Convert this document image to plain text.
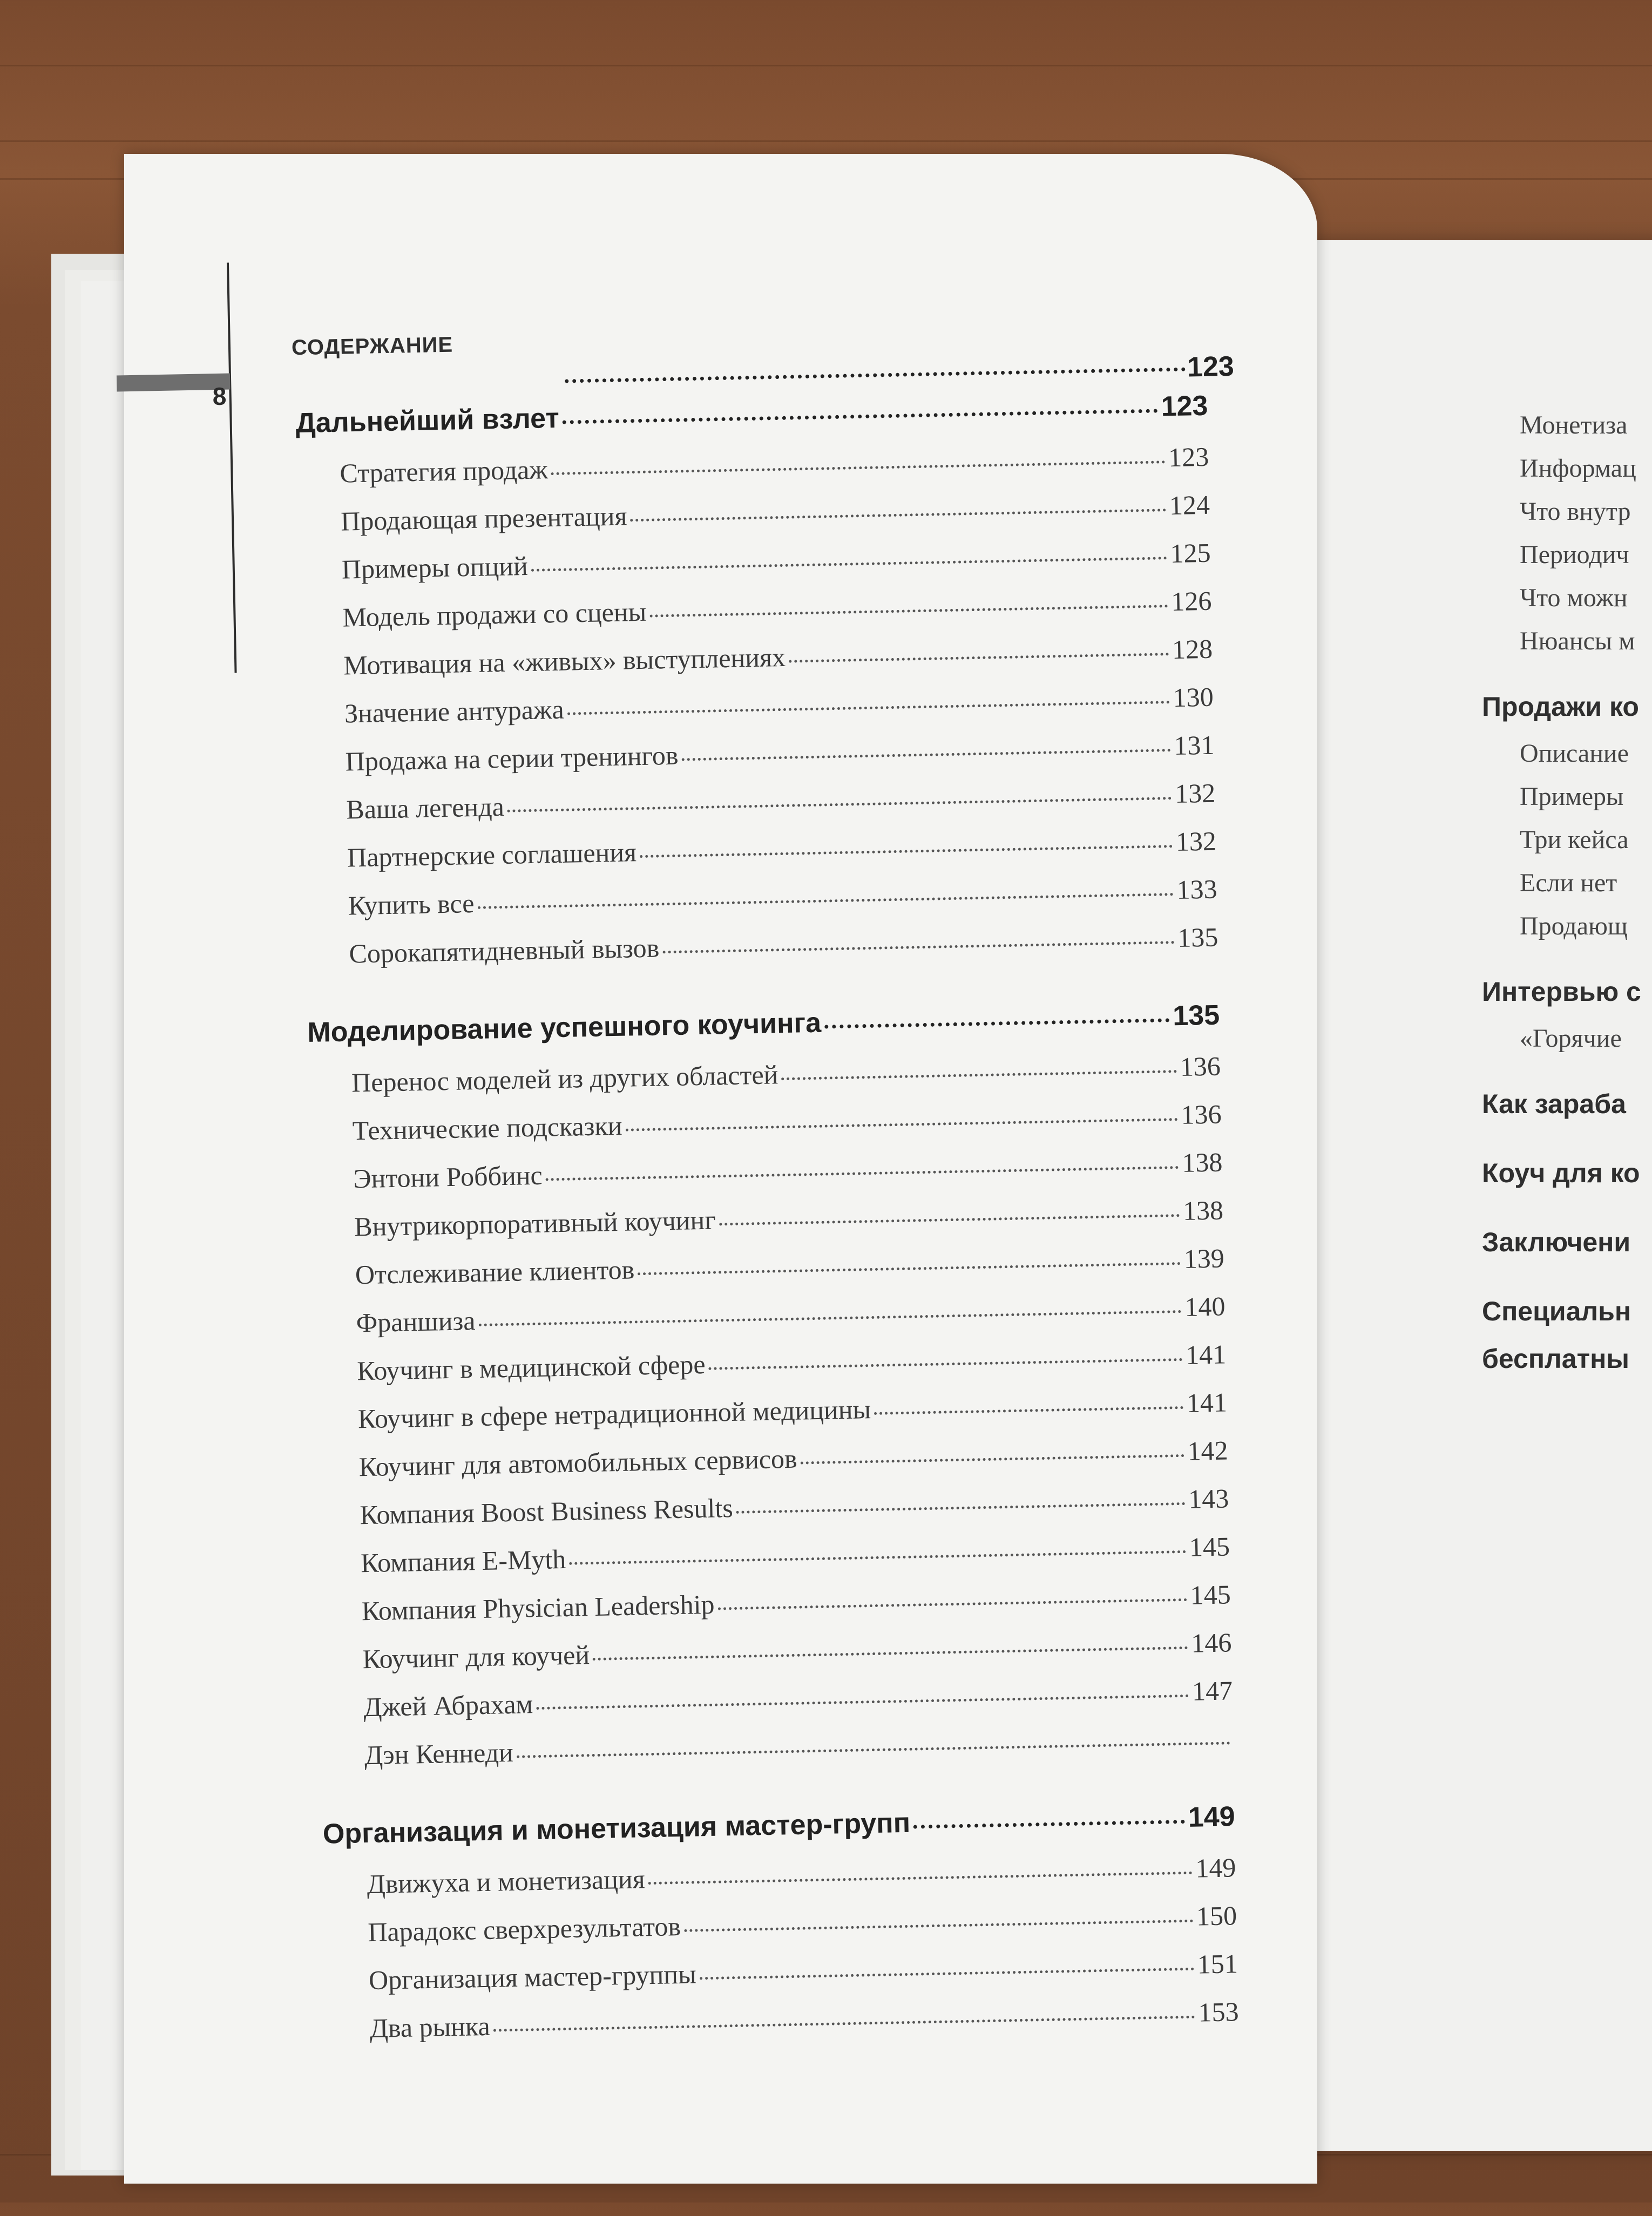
Монетиза
Информац
Что внутр
Периодич
Что можн
Нюансы м
Продажи ко
Описание
Примеры
Три кейса
Если нет
Продающ
Интервью с
«Горячие
Как зараба
Коуч для ко
Заключени
Специальн
бесплатны
8
СОДЕРЖАНИЕ
123
Дальнейший взлет	123
Стратегия продаж	123
Продающая презентация	124
Примеры опций	125
Модель продажи со сцены	126
Мотивация на «живых» выступлениях	128
Значение антуража	130
Продажа на серии тренингов	131
Ваша легенда	132
Партнерские соглашения	132
Купить все	133
Сорокапятидневный вызов	135
Моделирование успешного коучинга	135
Перенос моделей из других областей	136
Технические подсказки	136
Энтони Роббинс	138
Внутрикорпоративный коучинг	138
Отслеживание клиентов	139
Франшиза	140
Коучинг в медицинской сфере	141
Коучинг в сфере нетрадиционной медицины	141
Коучинг для автомобильных сервисов	142
Компания Boost Business Results	143
Компания E-Myth	145
Компания Physician Leadership	145
Коучинг для коучей	146
Джей Абрахам	147
Дэн Кеннеди
Организация и монетизация мастер-групп	149
Движуха и монетизация	149
Парадокс сверхрезультатов	150
Организация мастер-группы	151
Два рынка	153
